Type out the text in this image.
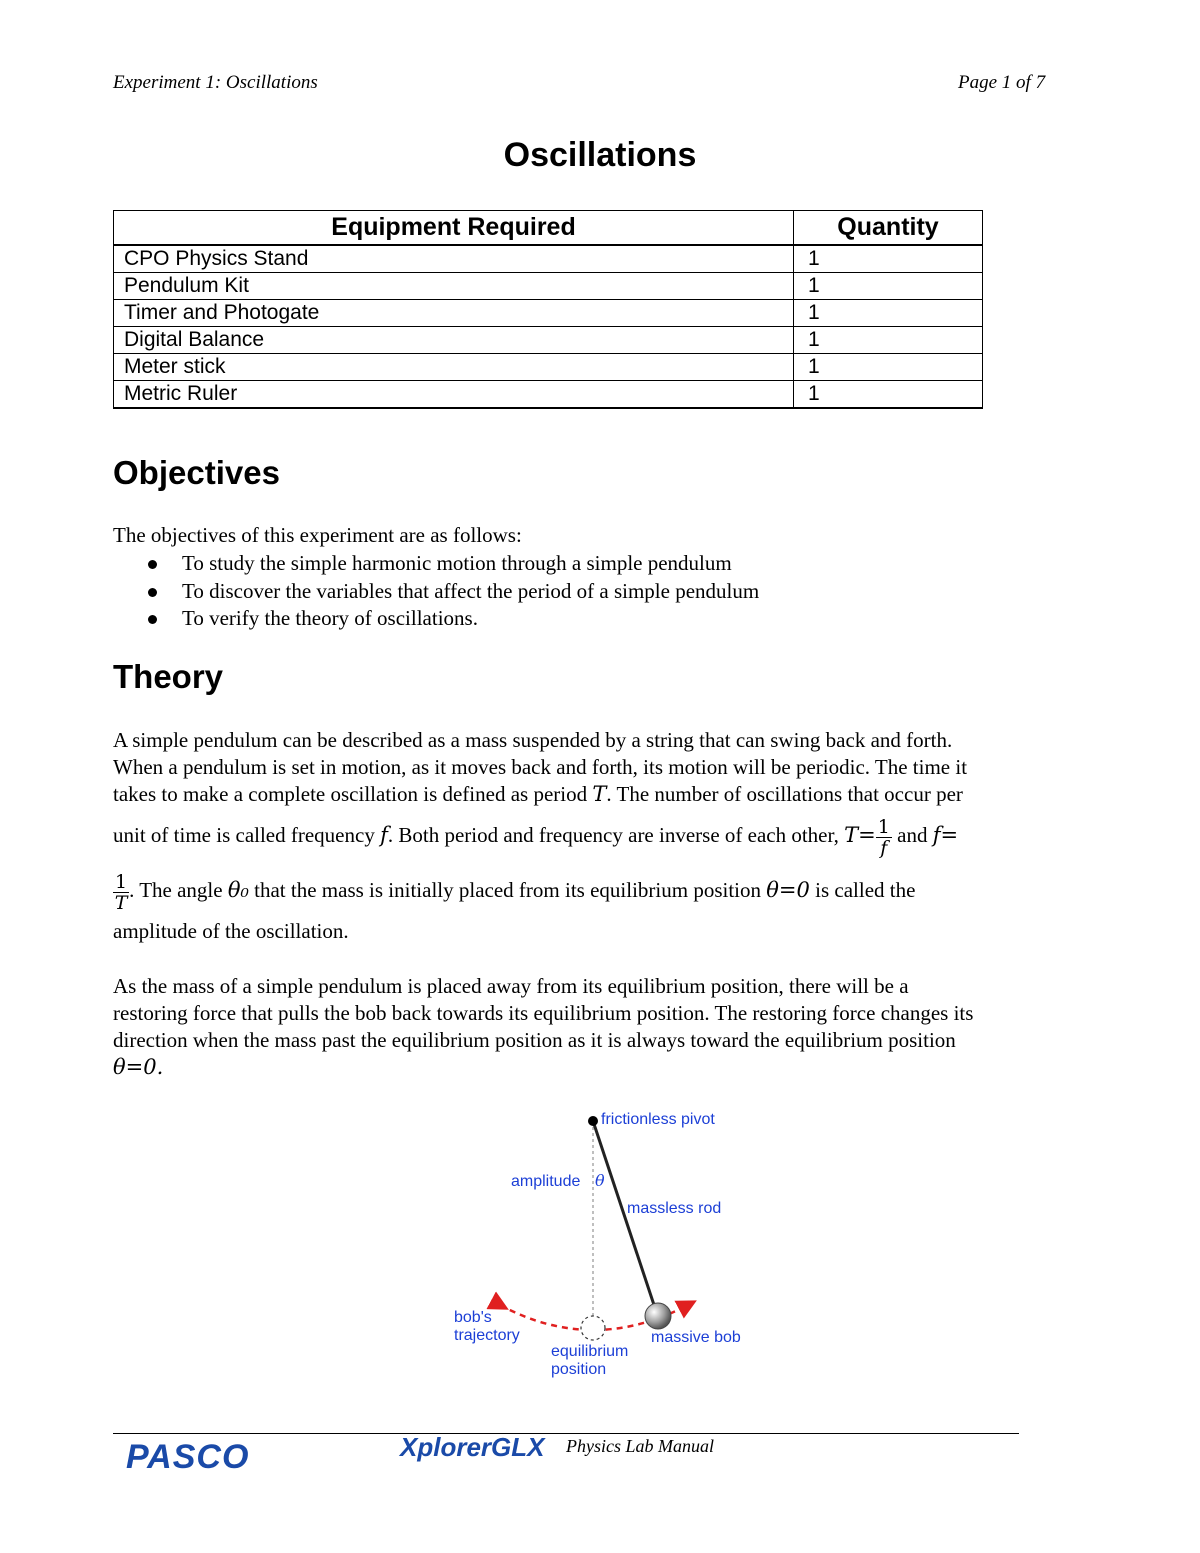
Experiment 1: Oscillations	Page 1 of 7
Oscillations
Equipment Required	Quantity
CPO Physics Stand	1
Pendulum Kit	1
Timer and Photogate	1
Digital Balance	1
Meter stick	1
Metric Ruler	1
Objectives
The objectives of this experiment are as follows:
To study the simple harmonic motion through a simple pendulum
To discover the variables that affect the period of a simple pendulum
To verify the theory of oscillations.
Theory
A simple pendulum can be described as a mass suspended by a string that can swing back and forth.
When a pendulum is set in motion, as it moves back and forth, its motion will be periodic. The time it
takes to make a complete oscillation is defined as period T. The number of oscillations that occur per
unit of time is called frequency f. Both period and frequency are inverse of each other, $T= \frac{1}{f}$ and f=
$\frac{1}{T}$ . The angle θ₀ that the mass is initially placed from its equilibrium position θ=0 is called the
amplitude of the oscillation.
As the mass of a simple pendulum is placed away from its equilibrium position, there will be a
restoring force that pulls the bob back towards its equilibrium position. The restoring force changes its
direction when the mass past the equilibrium position as it is always toward the equilibrium position
θ=0.
frictionless pivot
amplitude θ
massless rod
bob's
trajectory	massive bob
equilibrium
position
PASCO	XplorerGLX Physics Lab Manual
